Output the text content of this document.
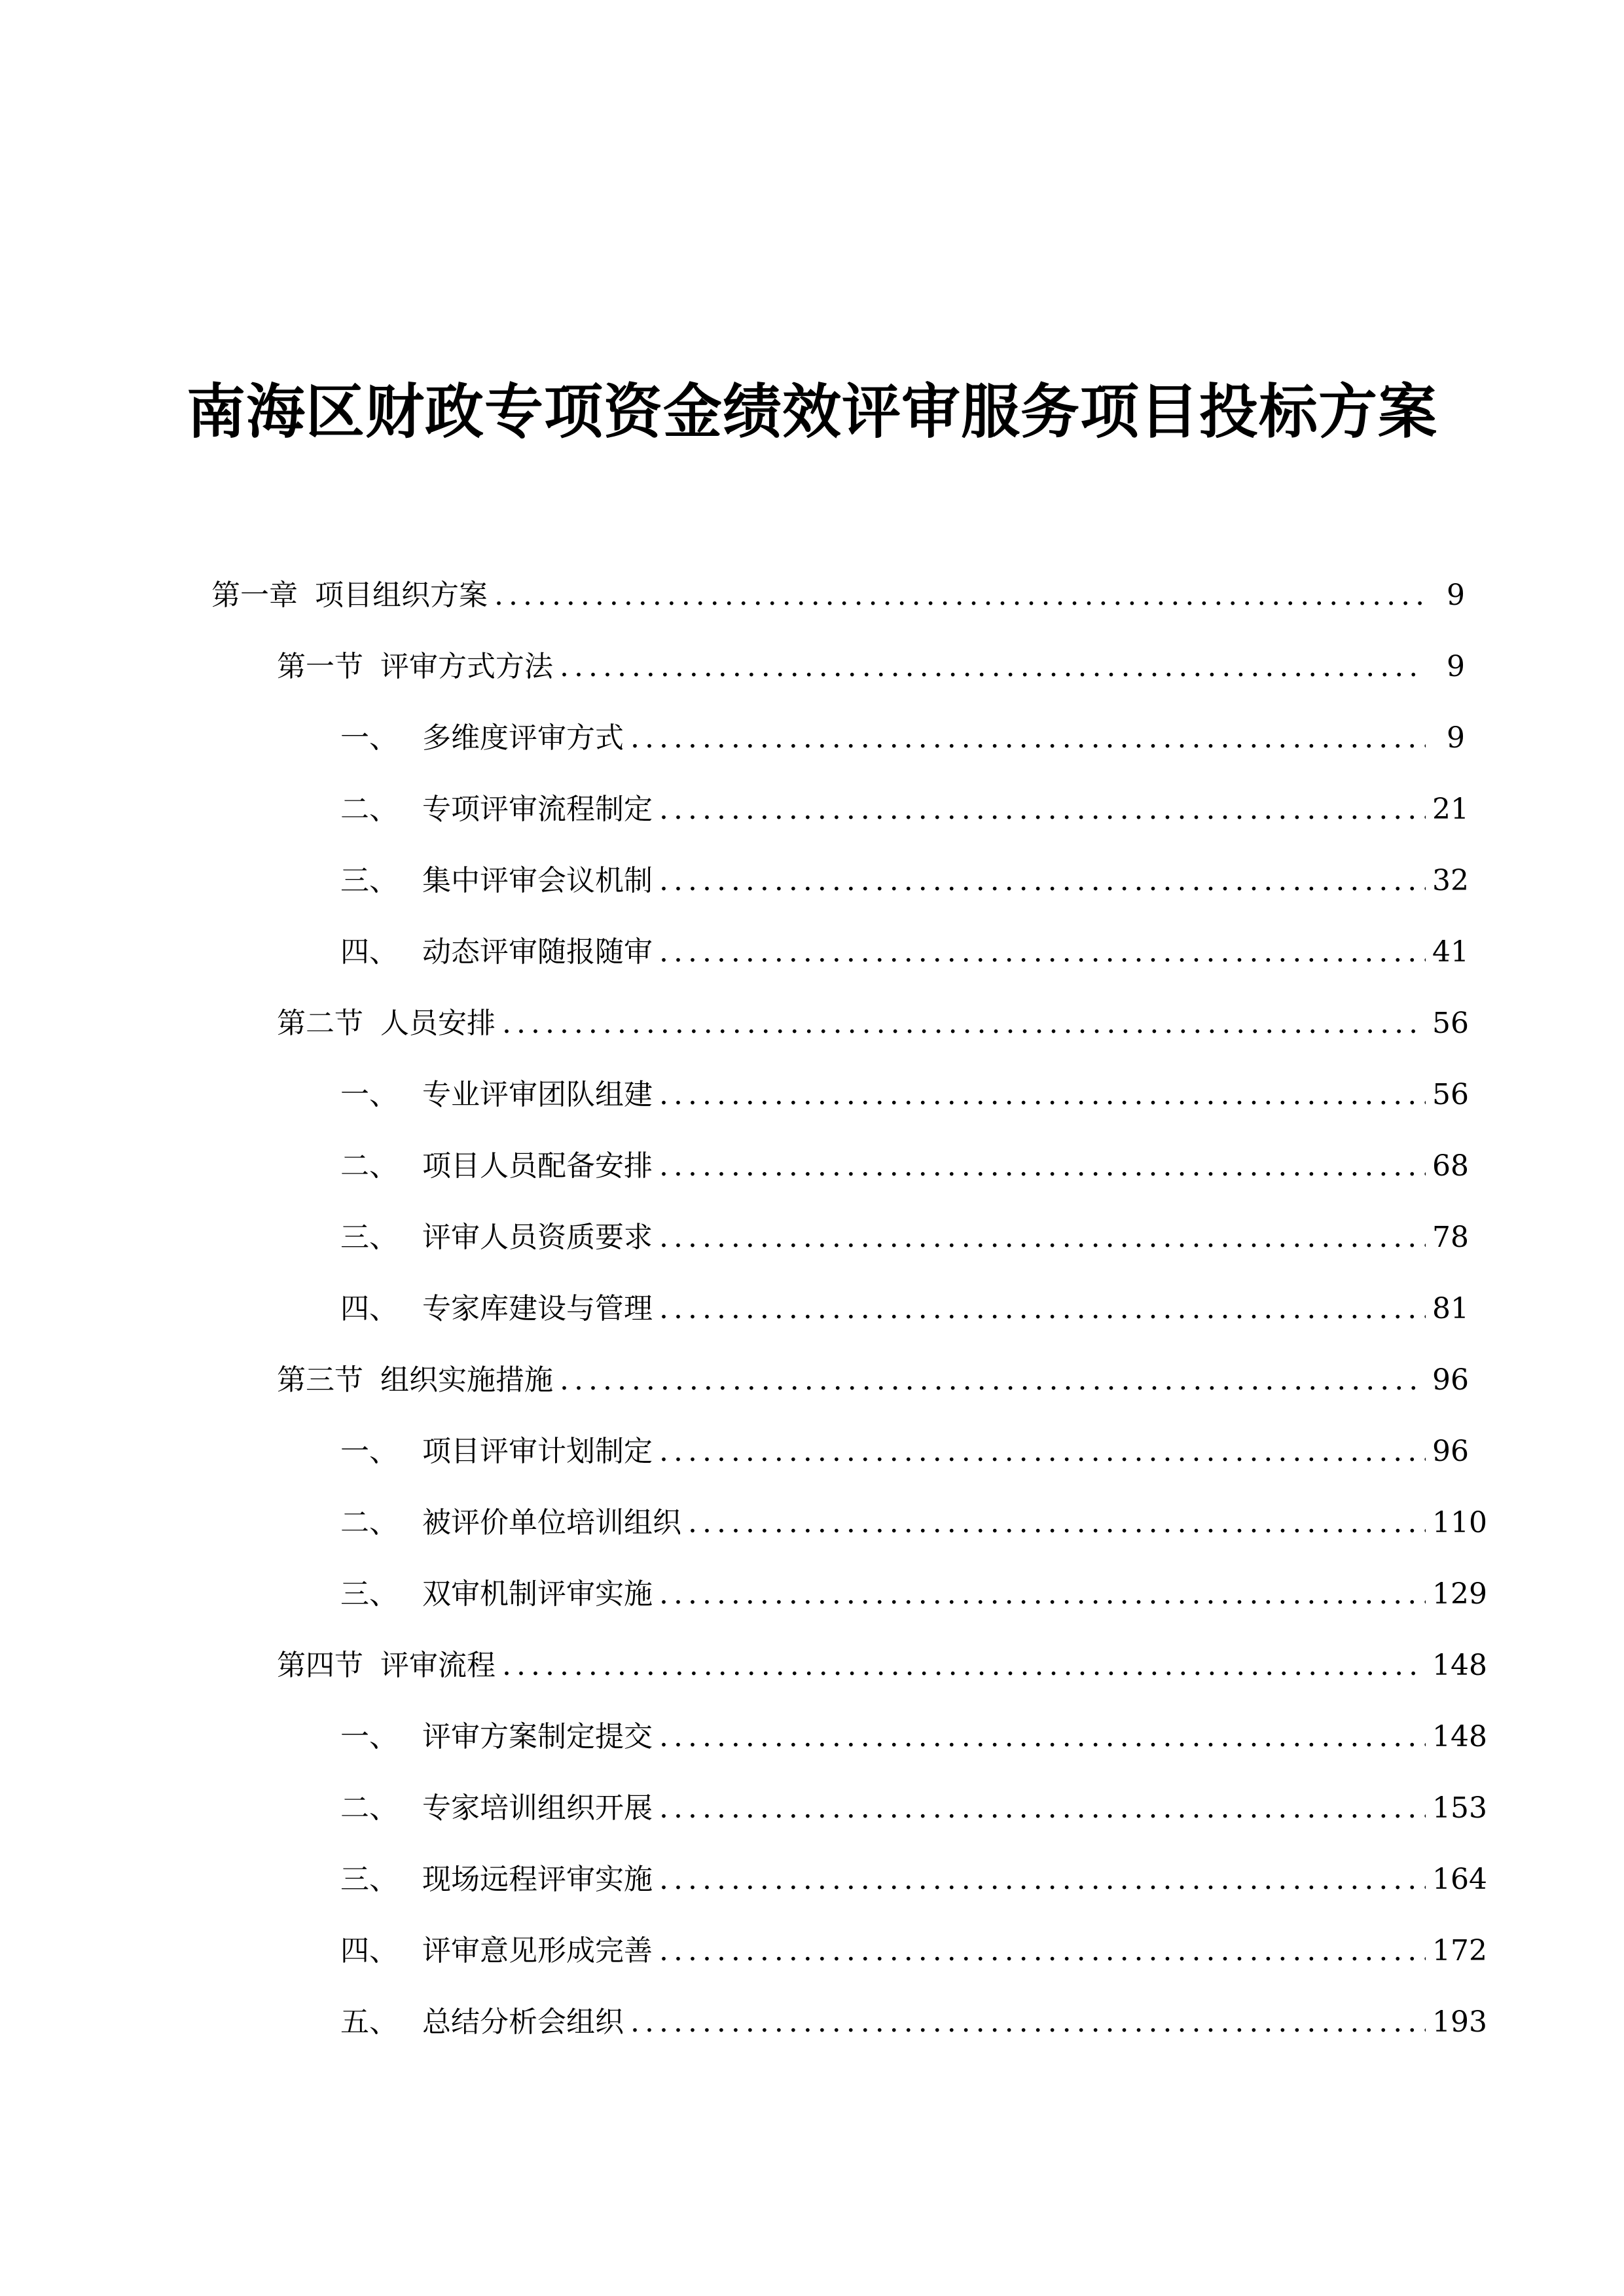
南海区财政专项资金绩效评审服务项目投标方案
第一章 项目组织方案 .....	9
第一节 评审方式方法 .....	9
一、 多维度评审方式 .....	9
二、 专项评审流程制定 .....	21
三、 集中评审会议机制 .....	32
四、 动态评审随报随审 .....	41
第二节 人员安排 .....	56
一、 专业评审团队组建 .....	56
二、 项目人员配备安排 .....	68
三、 评审人员资质要求 .....	78
四、 专家库建设与管理 .....	81
第三节 组织实施措施 .....	96
一、 项目评审计划制定 .....	96
二、 被评价单位培训组织 .....	110
三、 双审机制评审实施 .....	129
第四节 评审流程 .....	148
一、 评审方案制定提交 .....	148
二、 专家培训组织开展 .....	153
三、 现场远程评审实施 .....	164
四、 评审意见形成完善 .....	172
五、 总结分析会组织 .....	193
